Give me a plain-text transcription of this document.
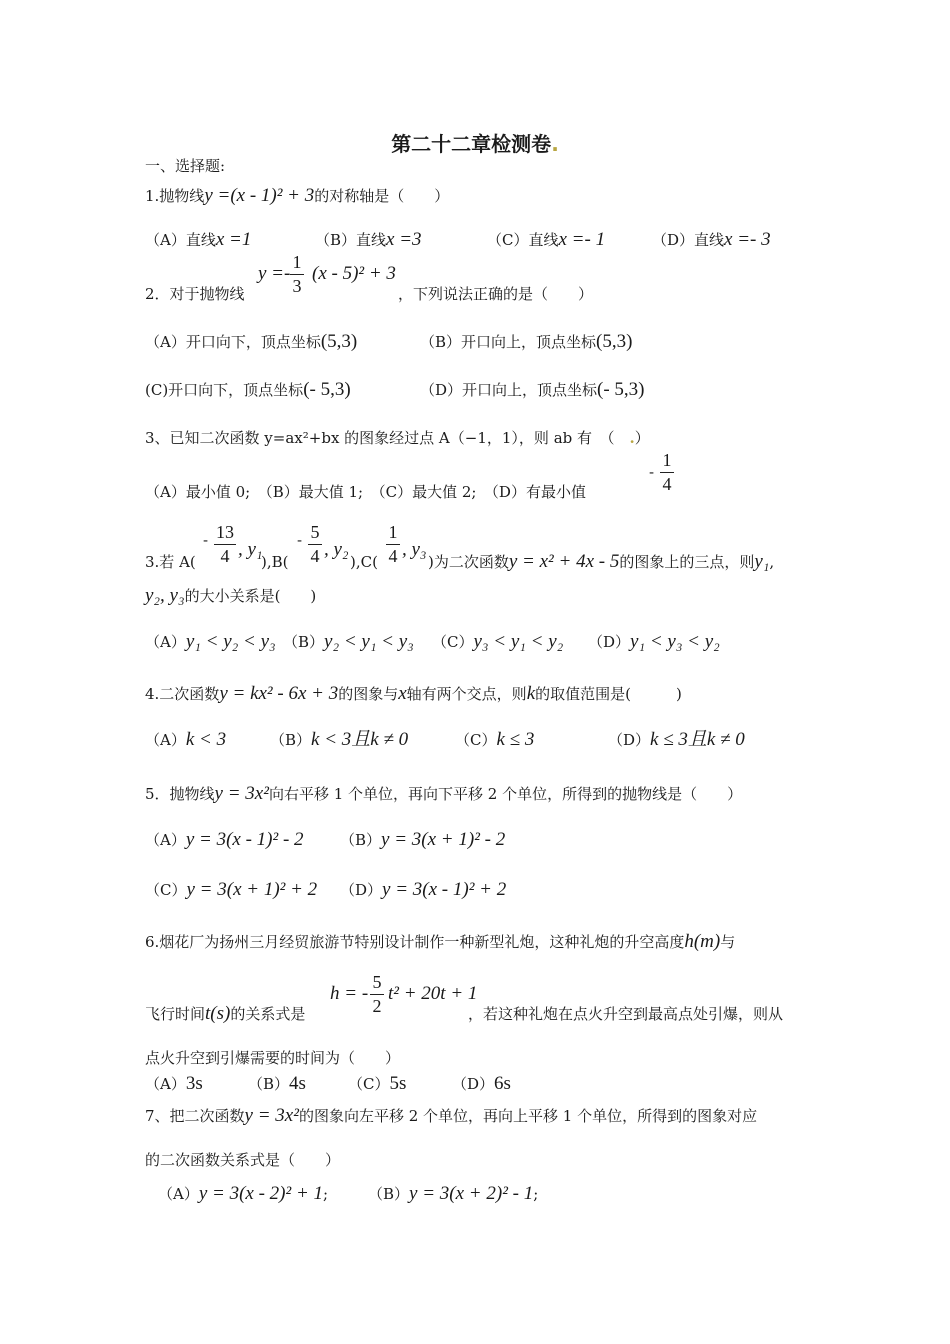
第二十二章检测卷.
一、选择题:
1.抛物线y =(x - 1)² + 3的对称轴是（　　）
（A）直线x =1	（B）直线x =3	（C）直线x =- 1	（D）直线x =- 3
2．对于抛物线
y =-
1
3
(x - 5)² + 3
，下列说法正确的是（　　）
（A）开口向下，顶点坐标(5,3)	（B）开口向上，顶点坐标(5,3)
(C)开口向下，顶点坐标(- 5,3)	（D）开口向上，顶点坐标(- 5,3)
3、已知二次函数 y=ax²+bx 的图象经过点 A（−1，1），则 ab 有　（　.）
（A）最小值 0;　（B）最大值 1;　（C）最大值 2;　（D）有最小值
-
1
4
3.若 A(
- 13
4 , y₁
),B(
- 5
4 , y₂
),C(
1
4 , y₃
)为二次函数y = x² + 4x - 5的图象上的三点，则y₁,
y₂, y₃的大小关系是(　　)
（A）y₁ < y₂ < y₃ （B）y₂ < y₁ < y₃ （C）y₃ < y₁ < y₂ （D）y₁ < y₃ < y₂
4.二次函数y = kx² - 6x + 3的图象与x轴有两个交点，则k的取值范围是(　　　)
（A）k < 3	（B）k < 3且k ≠ 0	（C）k ≤ 3	（D）k ≤ 3且k ≠ 0
5．抛物线y = 3x²向右平移 1 个单位，再向下平移 2 个单位，所得到的抛物线是（　　）
（A）y = 3(x - 1)² - 2 （B）y = 3(x + 1)² - 2
（C）y = 3(x + 1)² + 2 （D）y = 3(x - 1)² + 2
6.烟花厂为扬州三月经贸旅游节特别设计制作一种新型礼炮，这种礼炮的升空高度h(m)与
飞行时间t(s)的关系式是
h = -
5
2
t² + 20t + 1
，若这种礼炮在点火升空到最高点处引爆，则从
点火升空到引爆需要的时间为（　　）
（A）3s	（B）4s	（C）5s	（D）6s
7、把二次函数y = 3x²的图象向左平移 2 个单位，再向上平移 1 个单位，所得到的图象对应
的二次函数关系式是（　　）
（A）y = 3(x - 2)² + 1;	（B）y = 3(x + 2)² - 1;
